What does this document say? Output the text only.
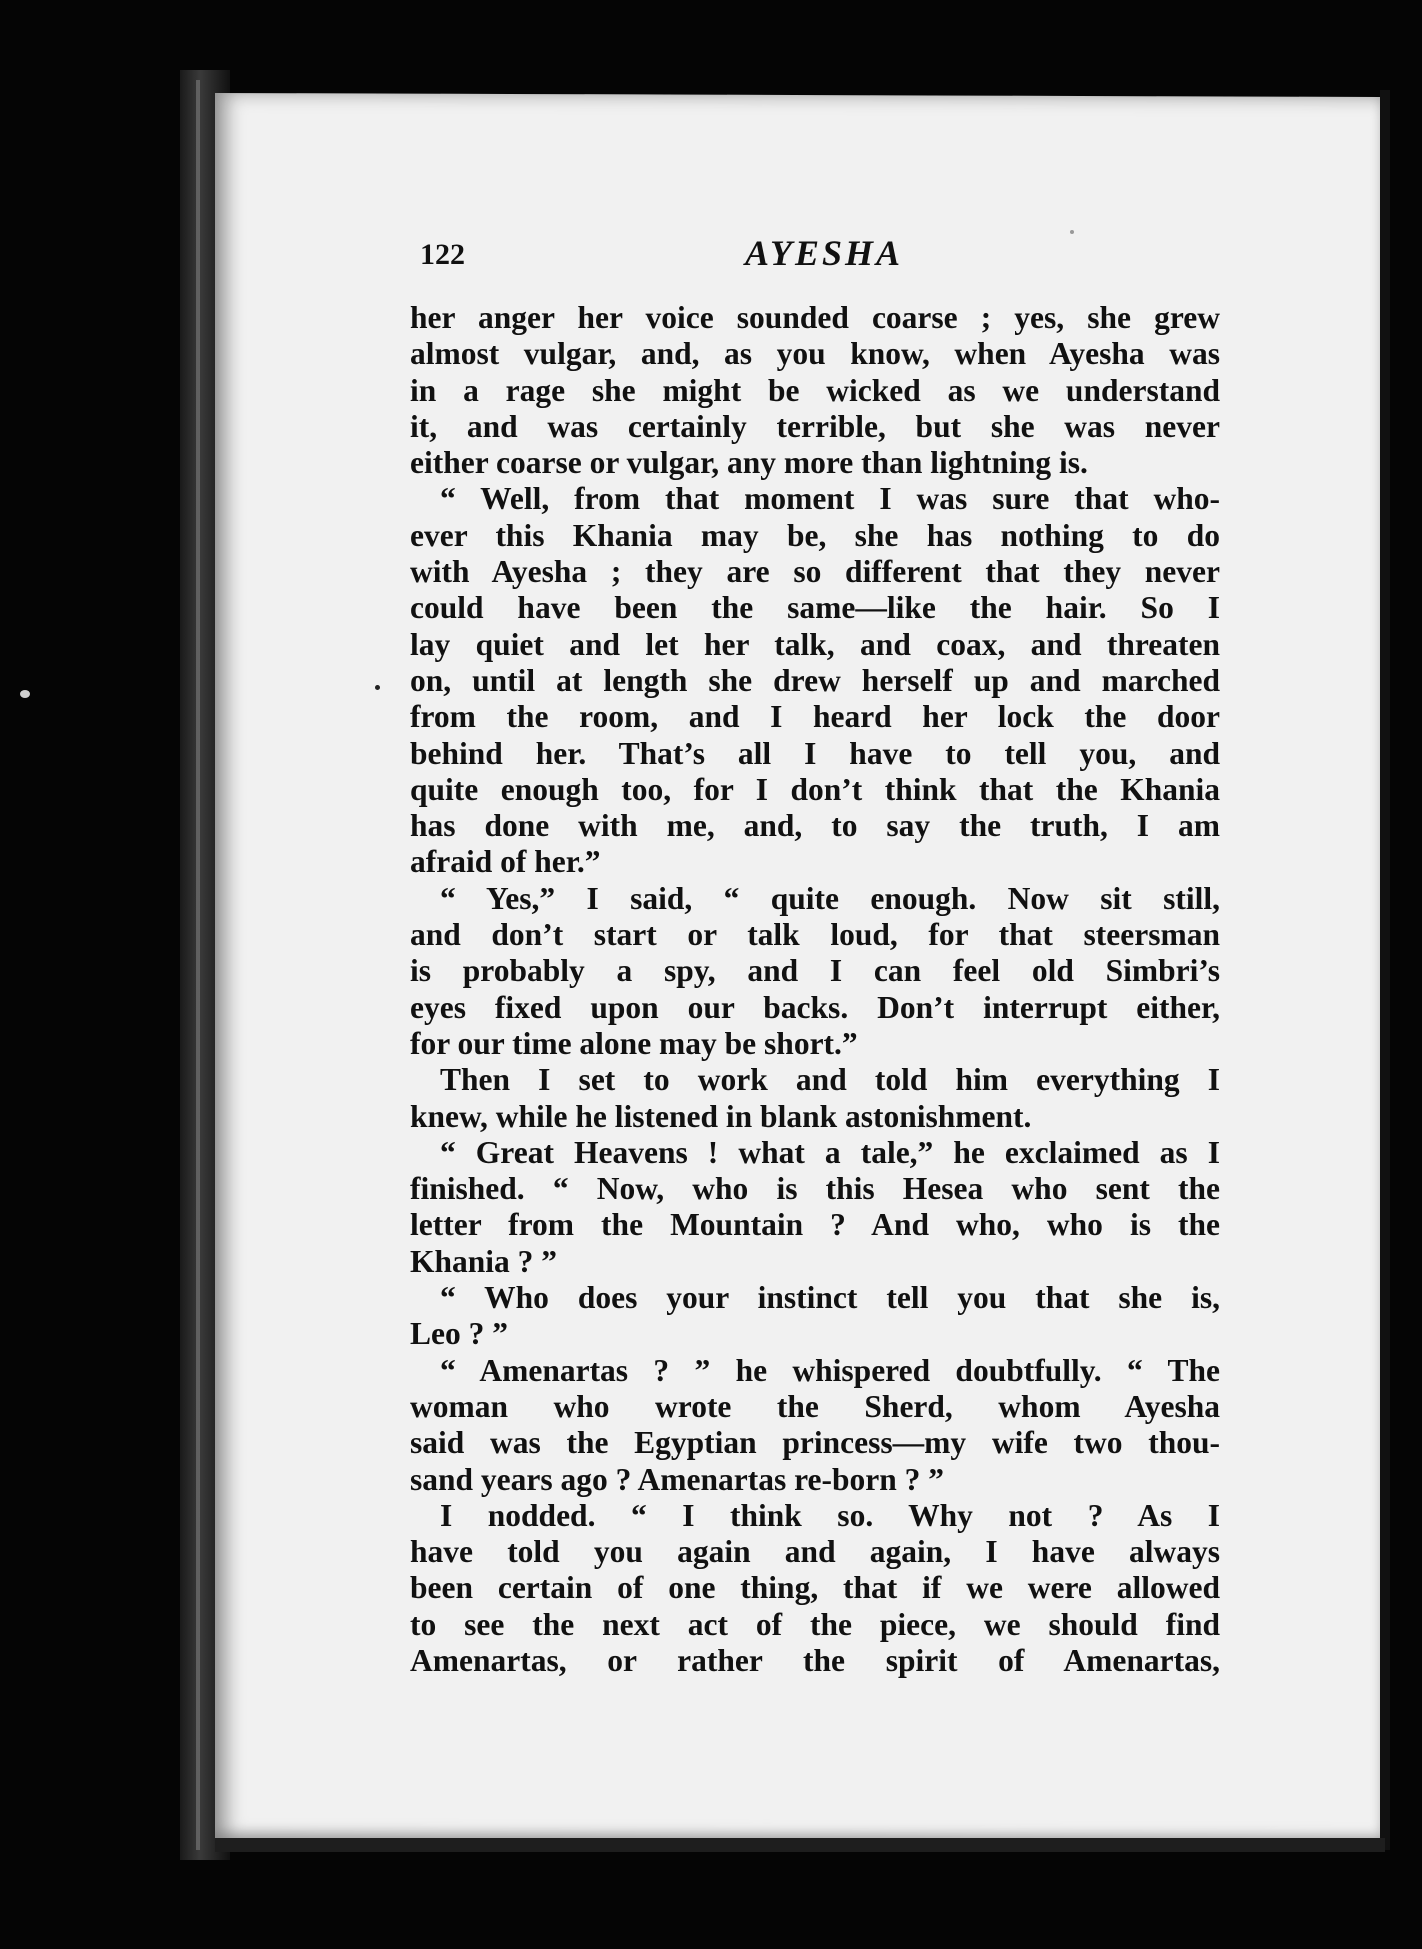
122	AYESHA
her anger her voice sounded coarse ; yes, she grew
almost vulgar, and, as you know, when Ayesha was
in a rage she might be wicked as we understand
it, and was certainly terrible, but she was never
either coarse or vulgar, any more than lightning is.
“ Well, from that moment I was sure that who-
ever this Khania may be, she has nothing to do
with Ayesha ; they are so different that they never
could have been the same—like the hair. So I
lay quiet and let her talk, and coax, and threaten
on, until at length she drew herself up and marched
from the room, and I heard her lock the door
behind her. That’s all I have to tell you, and
quite enough too, for I don’t think that the Khania
has done with me, and, to say the truth, I am
afraid of her.”
“ Yes,” I said, “ quite enough. Now sit still,
and don’t start or talk loud, for that steersman
is probably a spy, and I can feel old Simbri’s
eyes fixed upon our backs. Don’t interrupt either,
for our time alone may be short.”
Then I set to work and told him everything I
knew, while he listened in blank astonishment.
“ Great Heavens ! what a tale,” he exclaimed as I
finished. “ Now, who is this Hesea who sent the
letter from the Mountain ? And who, who is the
Khania ? ”
“ Who does your instinct tell you that she is,
Leo ? ”
“ Amenartas ? ” he whispered doubtfully. “ The
woman who wrote the Sherd, whom Ayesha
said was the Egyptian princess—my wife two thou-
sand years ago ? Amenartas re-born ? ”
I nodded. “ I think so. Why not ? As I
have told you again and again, I have always
been certain of one thing, that if we were allowed
to see the next act of the piece, we should find
Amenartas, or rather the spirit of Amenartas,
